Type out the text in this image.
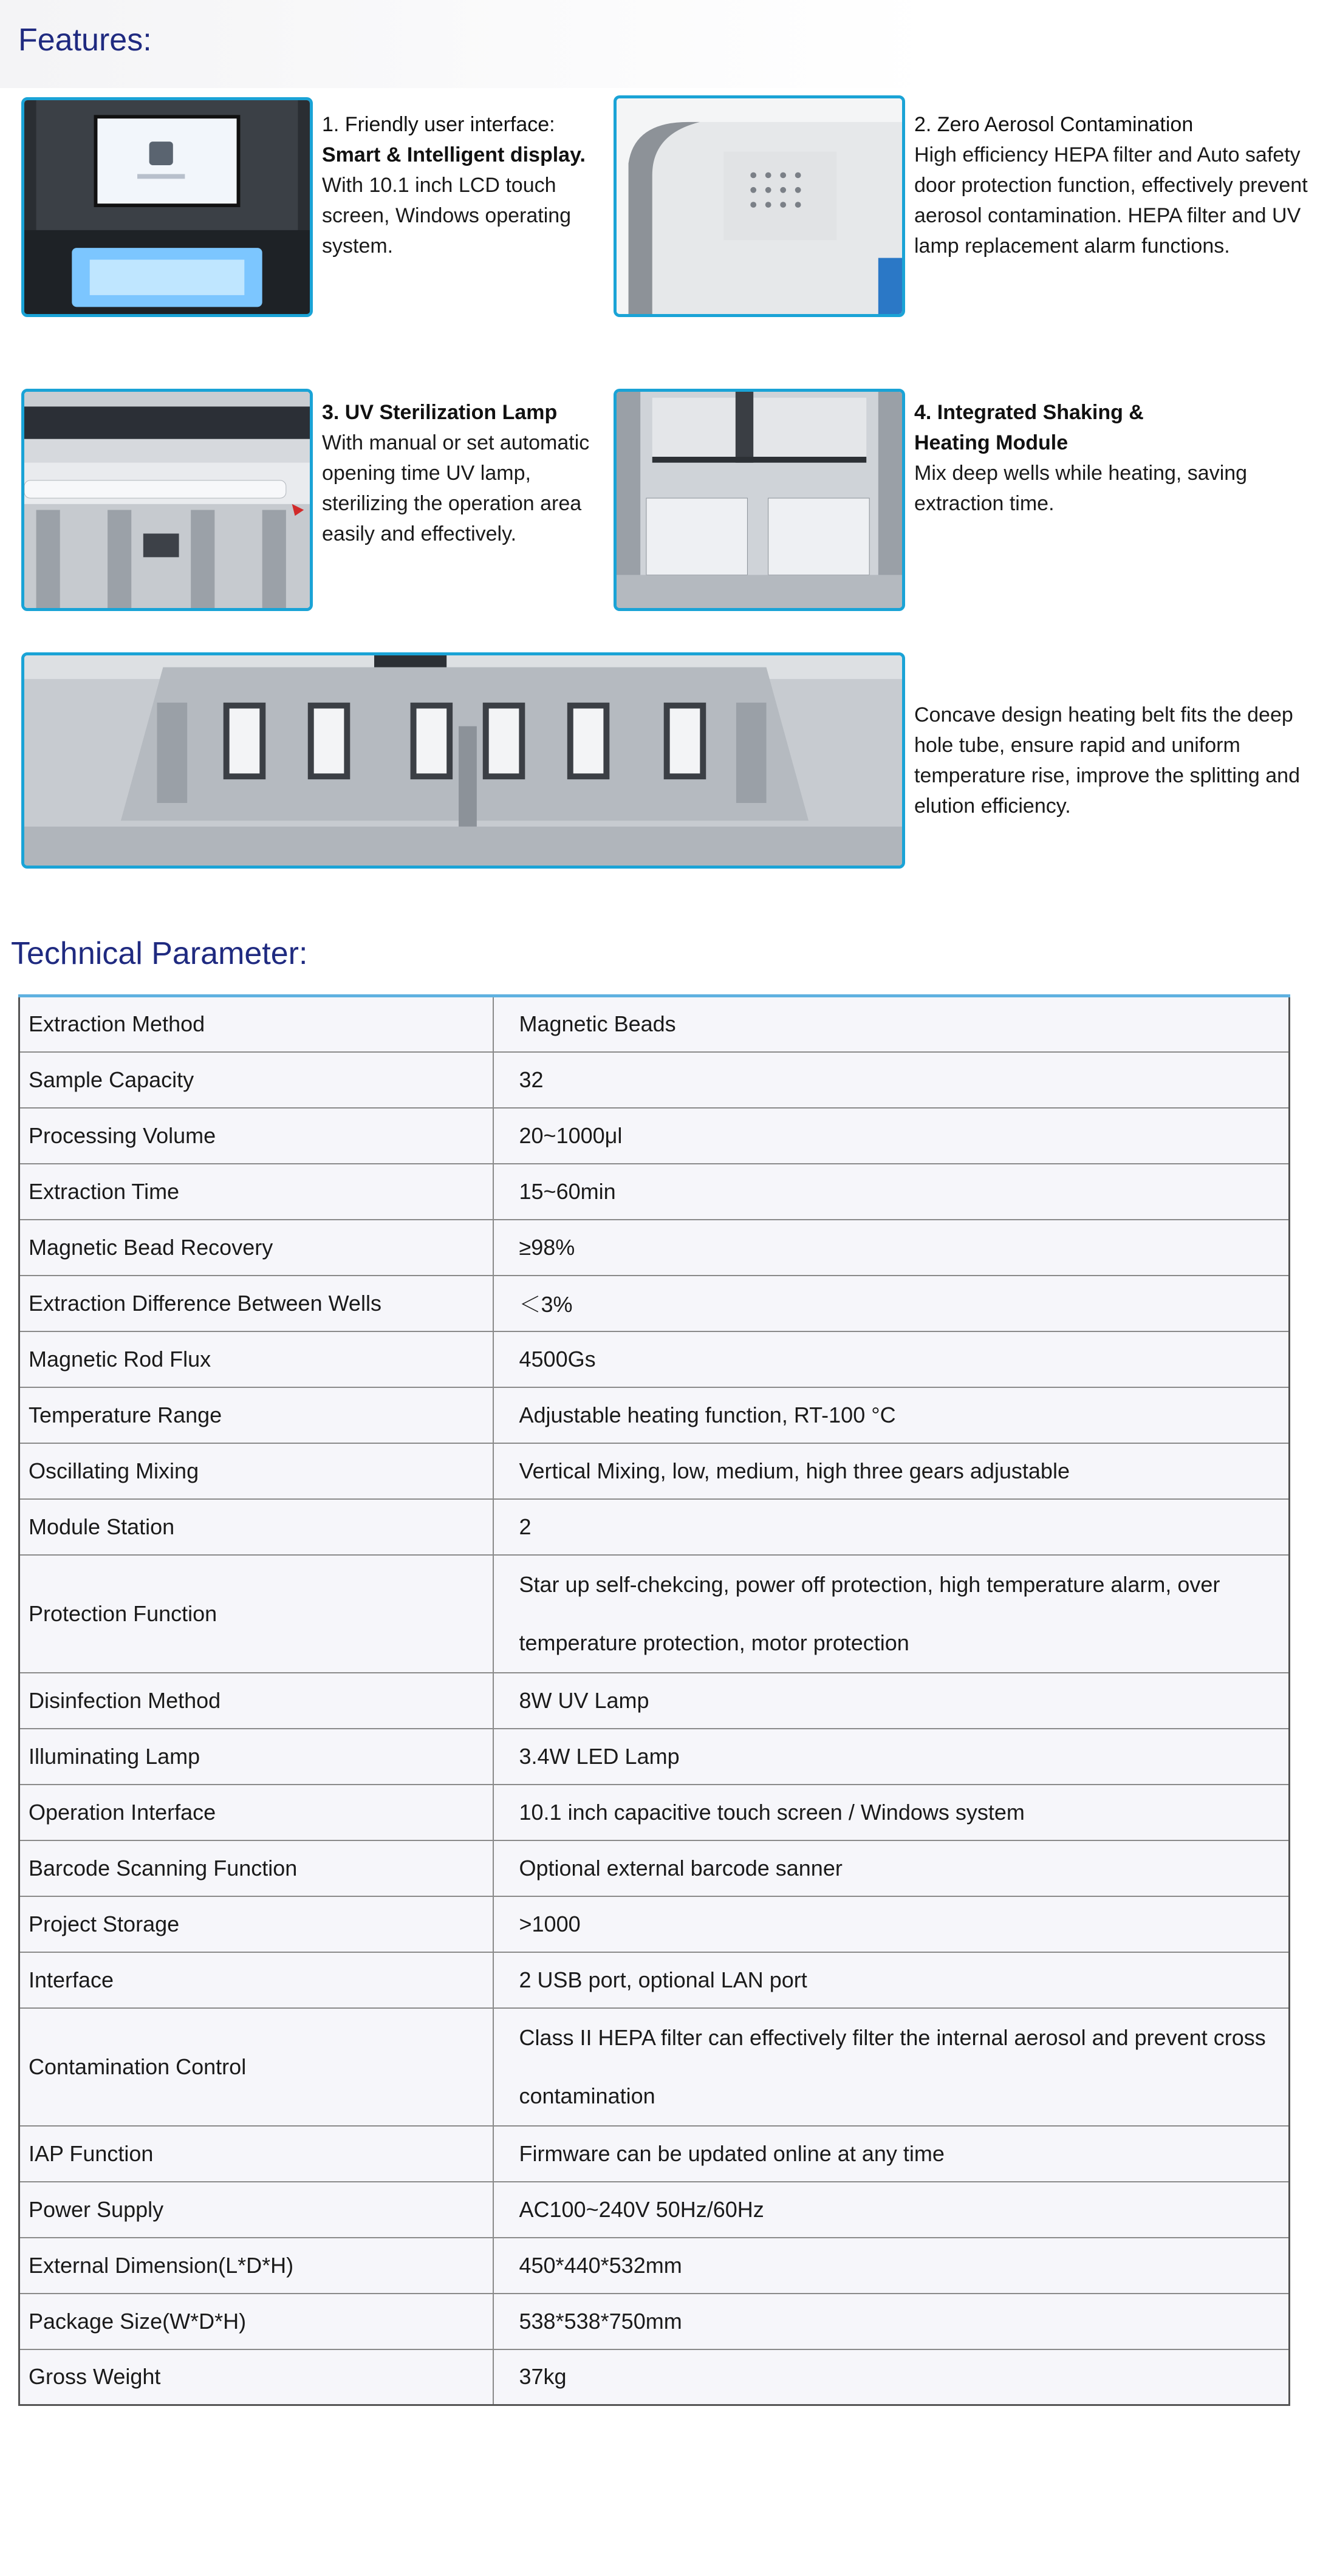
Features:
1. Friendly user interface:
Smart & Intelligent display.
With 10.1 inch LCD touch screen, Windows operating system.
2. Zero Aerosol Contamination
High efficiency HEPA filter and Auto safety door protection function, effectively prevent aerosol contamination. HEPA filter and UV lamp replacement alarm functions.
3. UV Sterilization Lamp
With manual or set automatic opening time UV lamp, sterilizing the operation area easily and effectively.
4. Integrated Shaking &
Heating Module
Mix deep wells while heating, saving extraction time.
Concave design heating belt fits the deep hole tube, ensure rapid and uniform temperature rise, improve the splitting and elution efficiency.
Technical Parameter:
Extraction Method	Magnetic Beads
Sample Capacity	32
Processing Volume	20~1000μl
Extraction Time	15~60min
Magnetic Bead Recovery	≥98%
Extraction Difference Between Wells	＜3%
Magnetic Rod Flux	4500Gs
Temperature Range	Adjustable heating function, RT-100 °C
Oscillating Mixing	Vertical Mixing, low, medium, high three gears adjustable
Module Station	2
Protection Function	Star up self-chekcing, power off protection, high temperature alarm, over temperature protection, motor protection
Disinfection Method	8W UV Lamp
Illuminating Lamp	3.4W LED Lamp
Operation Interface	10.1 inch capacitive touch screen / Windows system
Barcode Scanning Function	Optional external barcode sanner
Project Storage	>1000
Interface	2 USB port, optional LAN port
Contamination Control	Class II HEPA filter can effectively filter the internal aerosol and prevent cross contamination
IAP Function	Firmware can be updated online at any time
Power Supply	AC100~240V 50Hz/60Hz
External Dimension(L*D*H)	450*440*532mm
Package Size(W*D*H)	538*538*750mm
Gross Weight	37kg
